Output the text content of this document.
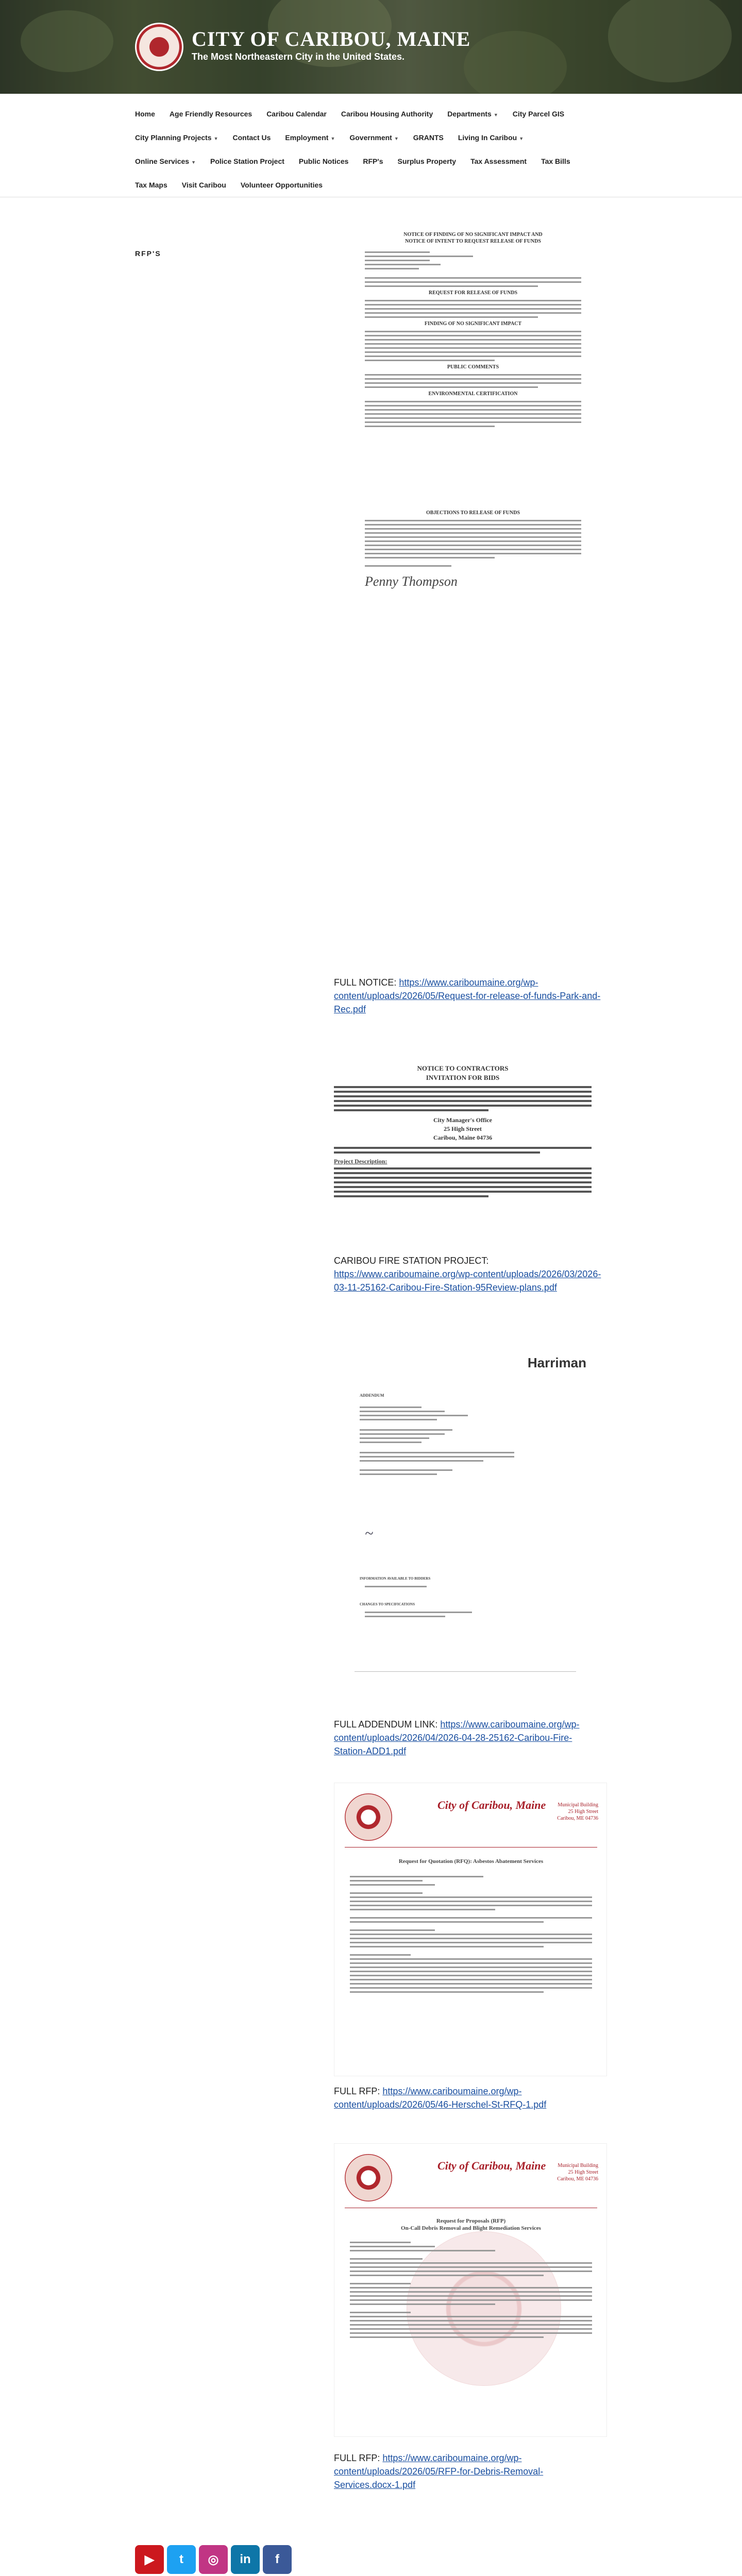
CITY OF CARIBOU, MAINE
The Most Northeastern City in the United States.
Home Age Friendly Resources Caribou Calendar Caribou Housing Authority Departments ▼ City Parcel GIS
City Planning Projects ▼ Contact Us Employment ▼ Government ▼ GRANTS Living In Caribou ▼
Online Services ▼ Police Station Project Public Notices RFP's Surplus Property Tax Assessment Tax Bills
Tax Maps Visit Caribou Volunteer Opportunities
RFP'S
NOTICE OF FINDING OF NO SIGNIFICANT IMPACT AND
NOTICE OF INTENT TO REQUEST RELEASE OF FUNDS
REQUEST FOR RELEASE OF FUNDS
FINDING OF NO SIGNIFICANT IMPACT
PUBLIC COMMENTS
ENVIRONMENTAL CERTIFICATION
OBJECTIONS TO RELEASE OF FUNDS
Penny Thompson
FULL NOTICE: https://www.cariboumaine.org/wp-content/uploads/2026/05/Request-for-release-of-funds-Park-and-Rec.pdf
NOTICE TO CONTRACTORS
INVITATION FOR BIDS
City Manager's Office
25 High Street
Caribou, Maine 04736
Project Description:
CARIBOU FIRE STATION PROJECT: https://www.cariboumaine.org/wp-content/uploads/2026/03/2026-03-11-25162-Caribou-Fire-Station-95Review-plans.pdf
Harriman
ADDENDUM
~
INFORMATION AVAILABLE TO BIDDERS
CHANGES TO SPECIFICATIONS
FULL ADDENDUM LINK: https://www.cariboumaine.org/wp-content/uploads/2026/04/2026-04-28-25162-Caribou-Fire-Station-ADD1.pdf
City of Caribou, Maine Municipal Building
25 High Street
Caribou, ME 04736
Request for Quotation (RFQ): Asbestos Abatement Services
FULL RFP: https://www.cariboumaine.org/wp-content/uploads/2026/05/46-Herschel-St-RFQ-1.pdf
City of Caribou, Maine Municipal Building
25 High Street
Caribou, ME 04736
Request for Proposals (RFP)
On-Call Debris Removal and Blight Remediation Services
FULL RFP: https://www.cariboumaine.org/wp-content/uploads/2026/05/RFP-for-Debris-Removal-Services.docx-1.pdf
▶	t	◎	in	f
